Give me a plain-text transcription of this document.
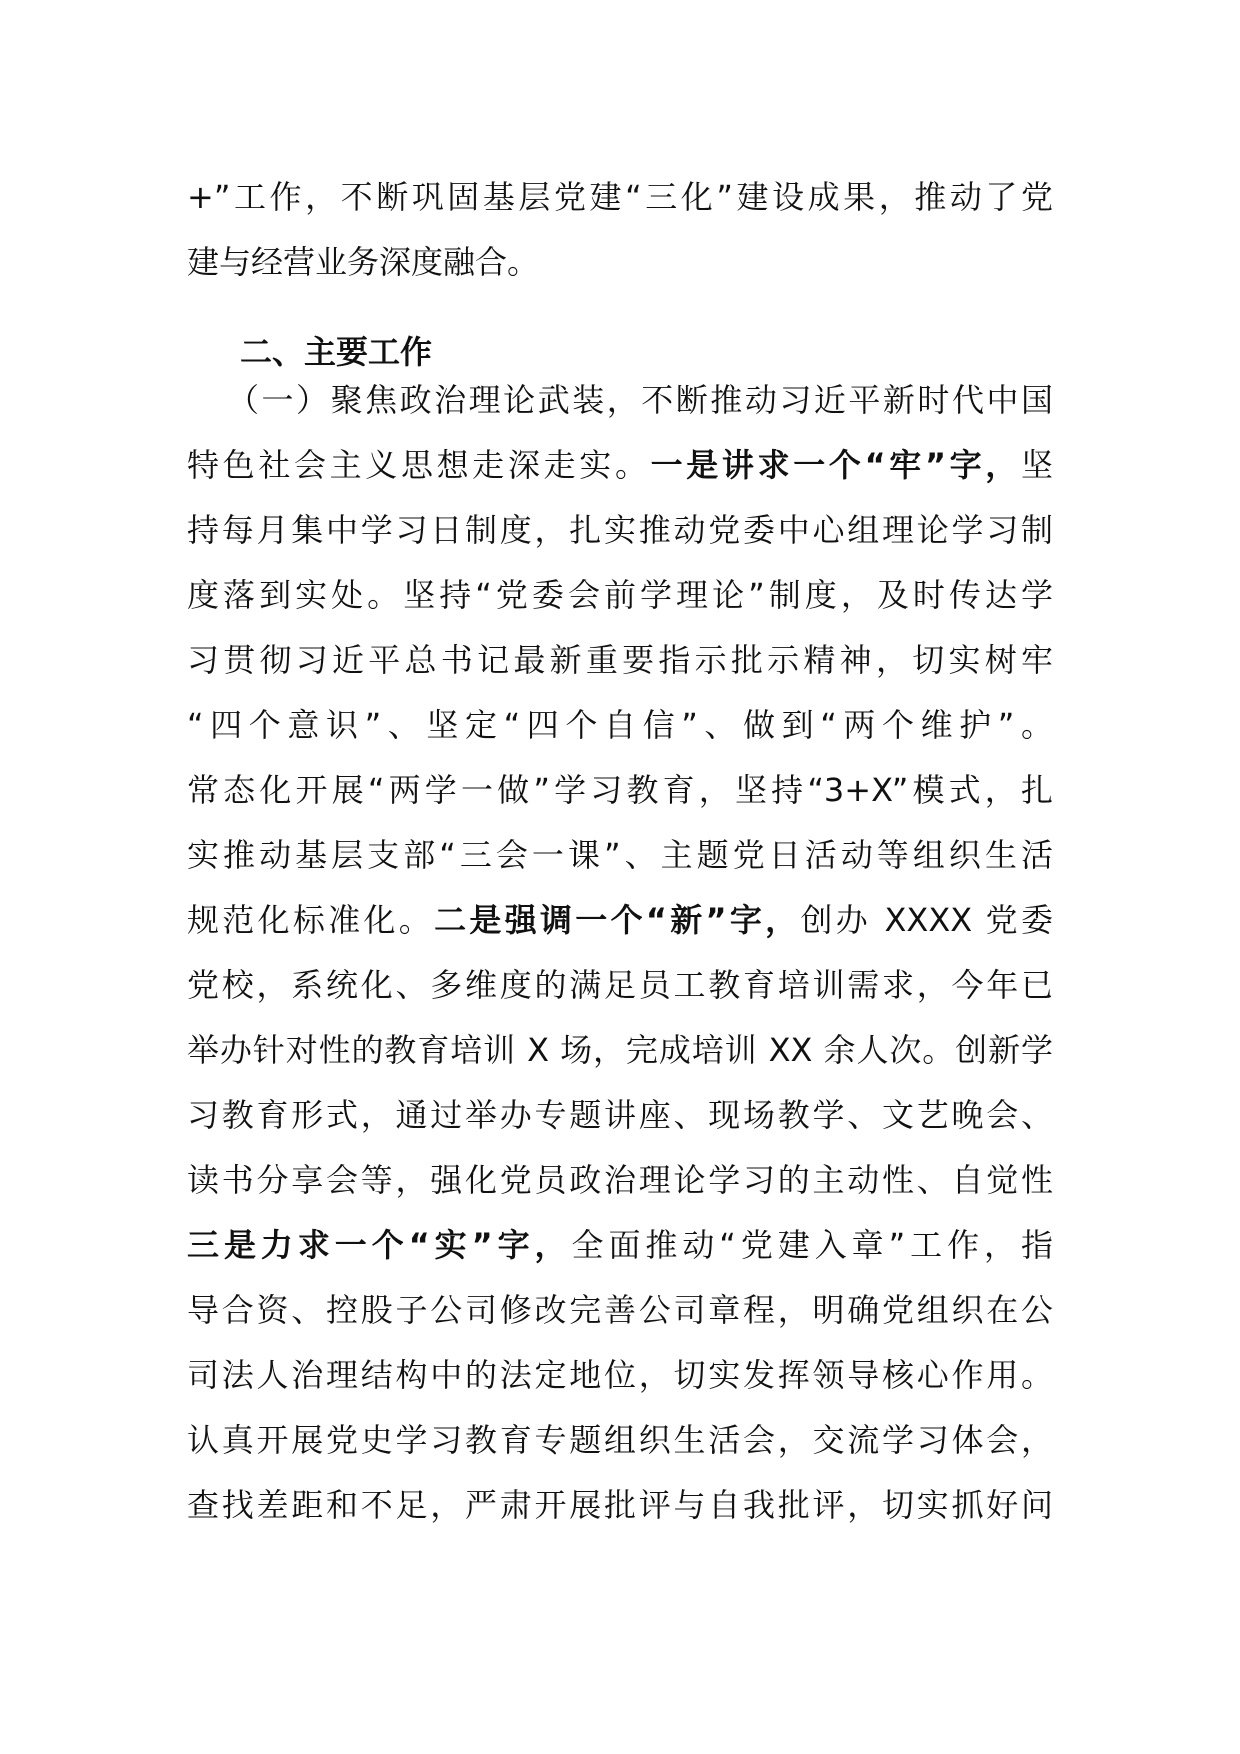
+”工作，不断巩固基层党建“三化”建设成果，推动了党
建与经营业务深度融合。
二、主要工作
（一）聚焦政治理论武装，不断推动习近平新时代中国
特色社会主义思想走深走实。一是讲求一个“牢”字，坚
持每月集中学习日制度，扎实推动党委中心组理论学习制
度落到实处。坚持“党委会前学理论”制度，及时传达学
习贯彻习近平总书记最新重要指示批示精神，切实树牢
“四个意识”、坚定“四个自信”、做到“两个维护”。
常态化开展“两学一做”学习教育，坚持“3+X”模式，扎
实推动基层支部“三会一课”、主题党日活动等组织生活
规范化标准化。二是强调一个“新”字，创办 XXXX 党委
党校，系统化、多维度的满足员工教育培训需求，今年已
举办针对性的教育培训 X 场，完成培训 XX 余人次。创新学
习教育形式，通过举办专题讲座、现场教学、文艺晚会、
读书分享会等，强化党员政治理论学习的主动性、自觉性
三是力求一个“实”字，全面推动“党建入章”工作，指
导合资、控股子公司修改完善公司章程，明确党组织在公
司法人治理结构中的法定地位，切实发挥领导核心作用。
认真开展党史学习教育专题组织生活会，交流学习体会，
查找差距和不足，严肃开展批评与自我批评，切实抓好问
